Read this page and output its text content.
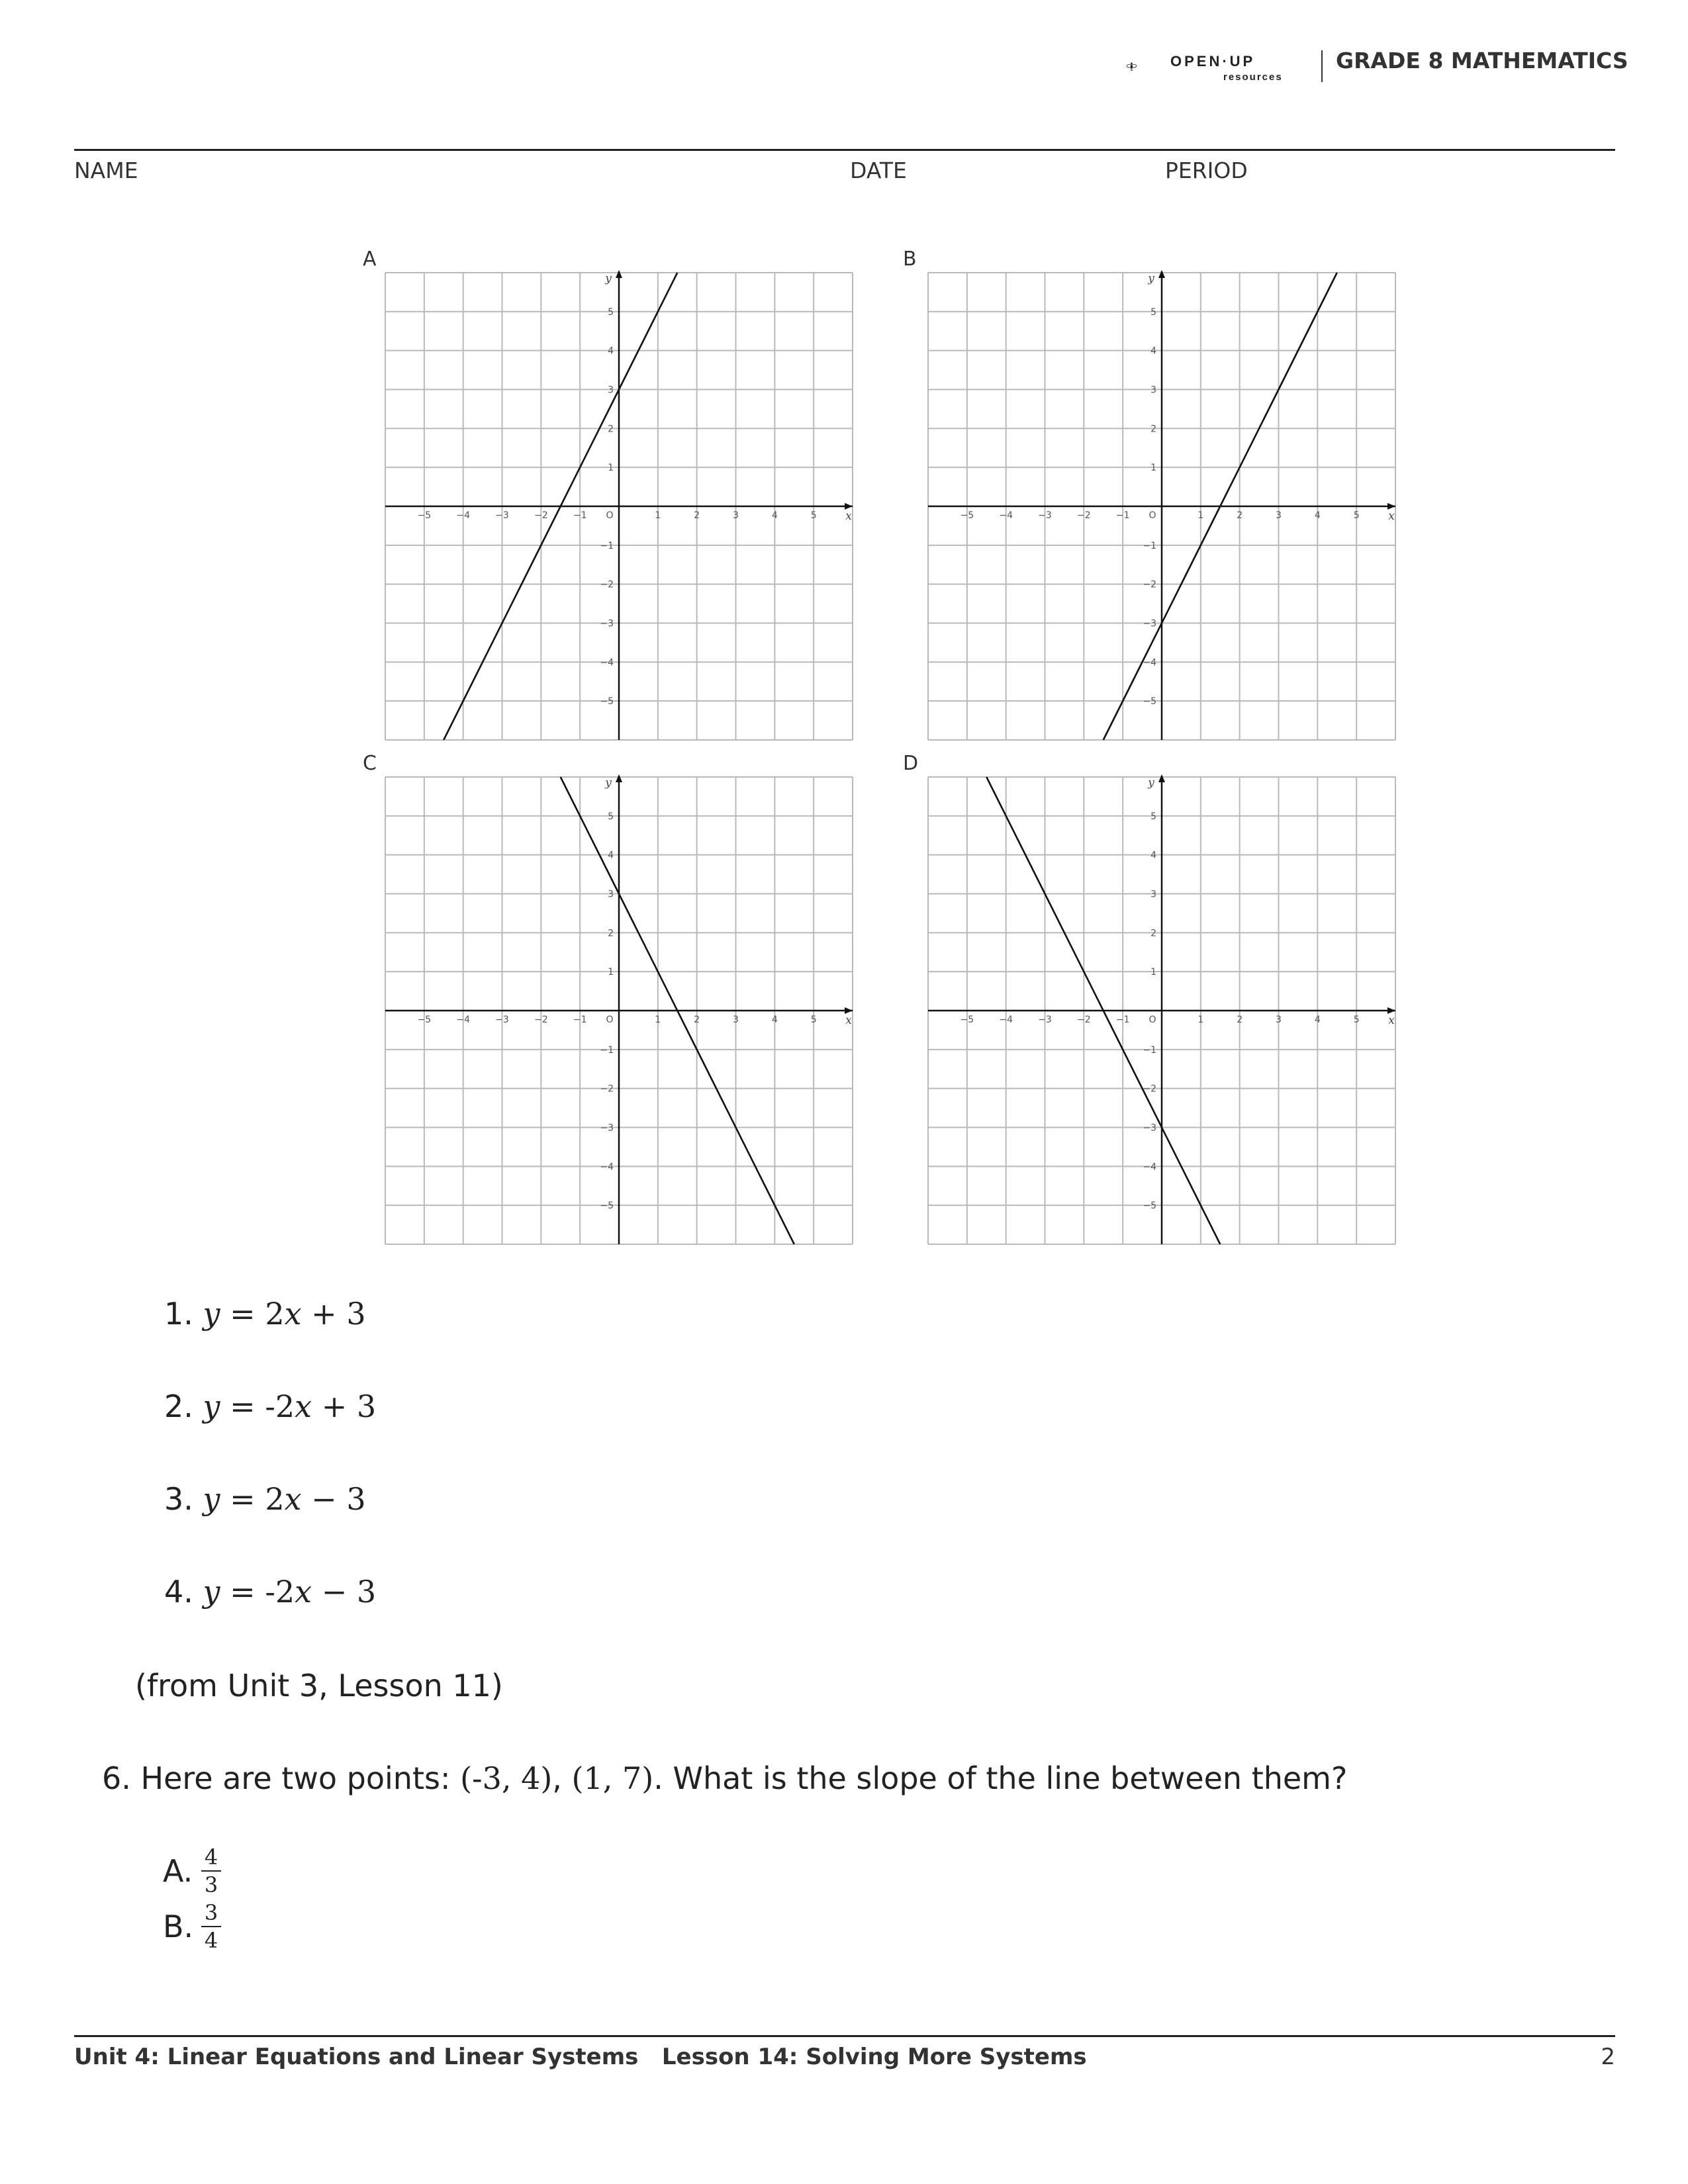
OPEN·UP
resources
GRADE 8 MATHEMATICS
NAME	DATE	PERIOD
A
−5	−4	−3	−2	−1	1	2	3	4	5
5
4
3
2
1
−1
−2
−3
−4
−5
O	x
y
B
−5	−4	−3	−2	−1	1	2	3	4	5
5
4
3
2
1
−1
−2
−3
−4
−5
O	x
y
C
−5	−4	−3	−2	−1	1	2	3	4	5
5
4
3
2
1
−1
−2
−3
−4
−5
O	x
y
D
−5	−4	−3	−2	−1	1	2	3	4	5
5
4
3
2
1
−1
−2
−3
−4
−5
O	x
y
1. y = 2x + 3
2. y = -2x + 3
3. y = 2x − 3
4. y = -2x − 3
(from Unit 3, Lesson 11)
6. Here are two points: (-3, 4), (1, 7). What is the slope of the line between them?
A. 4
3
B. 3
4
Unit 4: Linear Equations and Linear Systems Lesson 14: Solving More Systems	2
